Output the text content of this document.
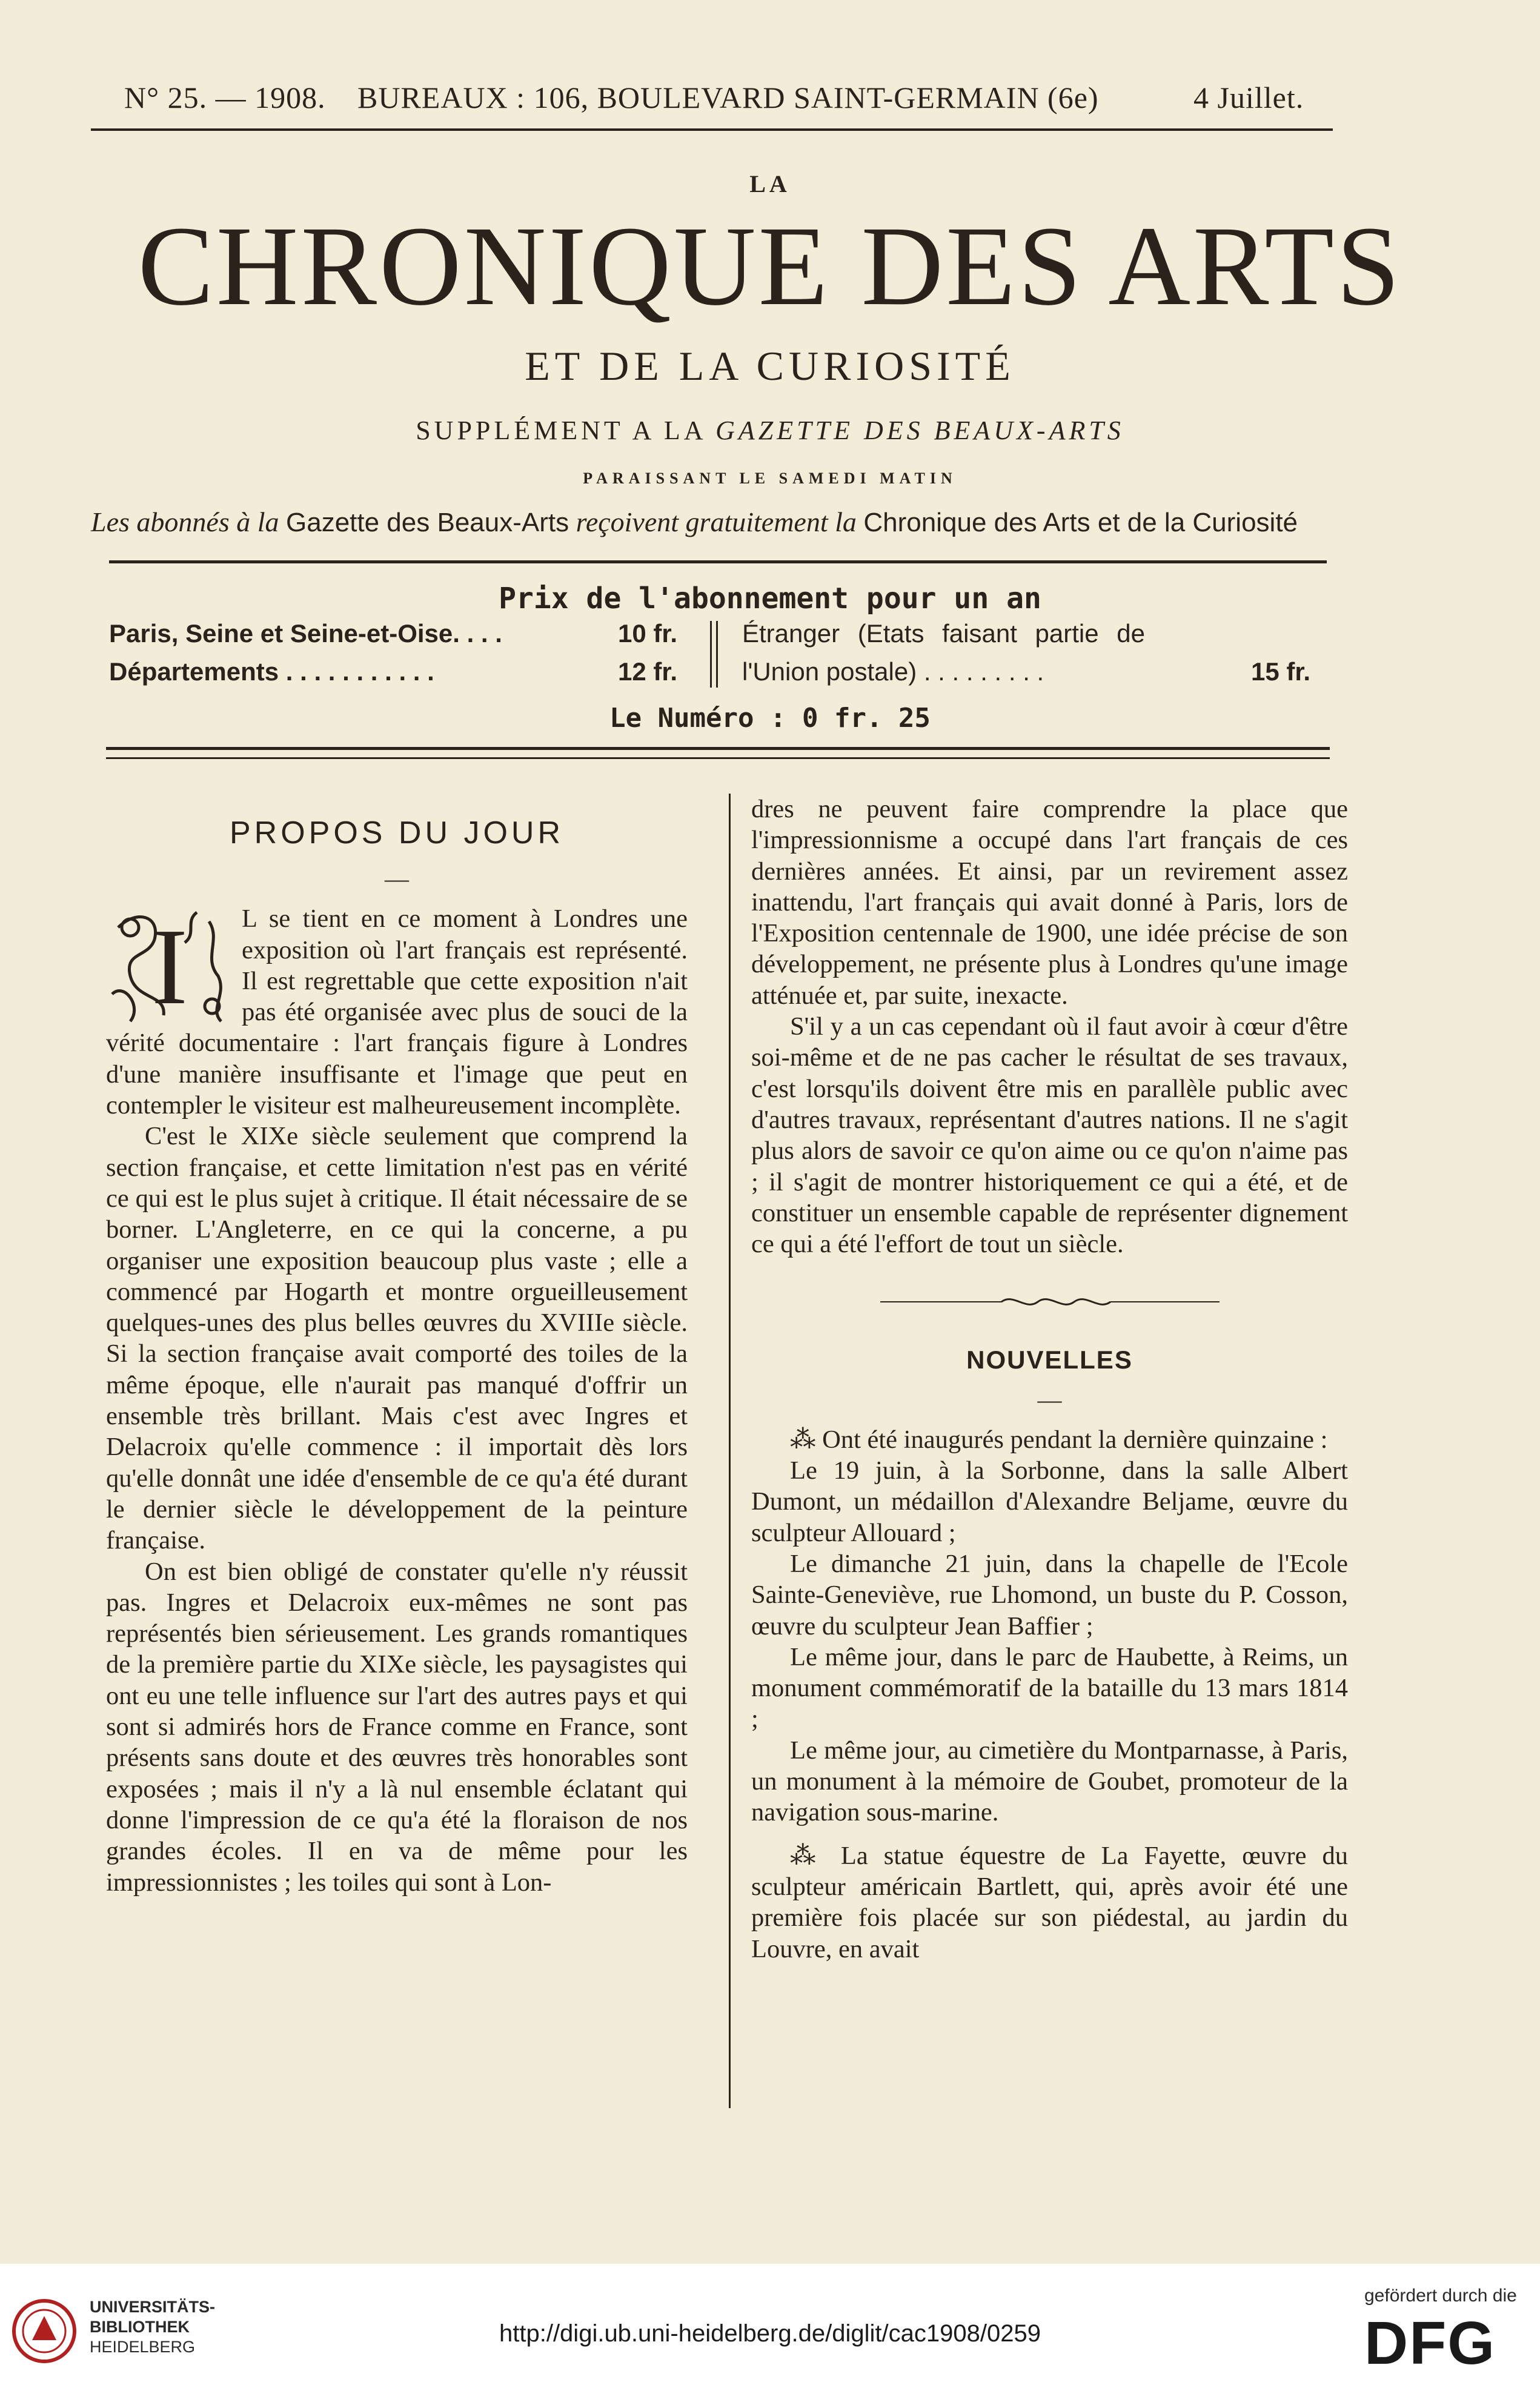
N° 25. — 1908. BUREAUX : 106, BOULEVARD SAINT-GERMAIN (6e)	4 Juillet.
LA
CHRONIQUE DES ARTS
ET DE LA CURIOSITÉ
SUPPLÉMENT A LA GAZETTE DES BEAUX-ARTS
PARAISSANT LE SAMEDI MATIN
Les abonnés à la Gazette des Beaux-Arts reçoivent gratuitement la Chronique des Arts et de la Curiosité
Prix de l'abonnement pour un an
Paris, Seine et Seine-et-Oise. . . .	10 fr.
Départements . . . . . . . . . . .	12 fr.
Étranger (Etats faisant partie de
l'Union postale) . . . . . . . . .	15 fr.
Le Numéro : 0 fr. 25
PROPOS DU JOUR
—
I	L se tient en ce moment à Londres une exposition où l'art français est représenté. Il est regrettable que cette exposition n'ait pas été organisée avec plus de souci de la vérité documentaire : l'art français figure à Londres d'une manière insuffisante et l'image que peut en contempler le visiteur est malheureusement incomplète.

C'est le XIXe siècle seulement que comprend la section française, et cette limitation n'est pas en vérité ce qui est le plus sujet à critique. Il était nécessaire de se borner. L'Angleterre, en ce qui la concerne, a pu organiser une exposition beaucoup plus vaste ; elle a commencé par Hogarth et montre orgueilleusement quelques-unes des plus belles œuvres du XVIIIe siècle. Si la section française avait comporté des toiles de la même époque, elle n'aurait pas manqué d'offrir un ensemble très brillant. Mais c'est avec Ingres et Delacroix qu'elle commence : il importait dès lors qu'elle donnât une idée d'ensemble de ce qu'a été durant le dernier siècle le développement de la peinture française.

On est bien obligé de constater qu'elle n'y réussit pas. Ingres et Delacroix eux-mêmes ne sont pas représentés bien sérieusement. Les grands romantiques de la première partie du XIXe siècle, les paysagistes qui ont eu une telle influence sur l'art des autres pays et qui sont si admirés hors de France comme en France, sont présents sans doute et des œuvres très honorables sont exposées ; mais il n'y a là nul ensemble éclatant qui donne l'impression de ce qu'a été la floraison de nos grandes écoles. Il en va de même pour les impressionnistes ; les toiles qui sont à Lon-

dres ne peuvent faire comprendre la place que l'impressionnisme a occupé dans l'art français de ces dernières années. Et ainsi, par un revirement assez inattendu, l'art français qui avait donné à Paris, lors de l'Exposition centennale de 1900, une idée précise de son développement, ne présente plus à Londres qu'une image atténuée et, par suite, inexacte.

S'il y a un cas cependant où il faut avoir à cœur d'être soi-même et de ne pas cacher le résultat de ses travaux, c'est lorsqu'ils doivent être mis en parallèle public avec d'autres travaux, représentant d'autres nations. Il ne s'agit plus alors de savoir ce qu'on aime ou ce qu'on n'aime pas ; il s'agit de montrer historiquement ce qui a été, et de constituer un ensemble capable de représenter dignement ce qui a été l'effort de tout un siècle.

NOUVELLES
—

⁂ Ont été inaugurés pendant la dernière quinzaine :

Le 19 juin, à la Sorbonne, dans la salle Albert Dumont, un médaillon d'Alexandre Beljame, œuvre du sculpteur Allouard ;

Le dimanche 21 juin, dans la chapelle de l'Ecole Sainte-Geneviève, rue Lhomond, un buste du P. Cosson, œuvre du sculpteur Jean Baffier ;

Le même jour, dans le parc de Haubette, à Reims, un monument commémoratif de la bataille du 13 mars 1814 ;

Le même jour, au cimetière du Montparnasse, à Paris, un monument à la mémoire de Goubet, promoteur de la navigation sous-marine.

⁂ La statue équestre de La Fayette, œuvre du sculpteur américain Bartlett, qui, après avoir été une première fois placée sur son piédestal, au jardin du Louvre, en avait

UNIVERSITÄTS-
BIBLIOTHEK
HEIDELBERG	http://digi.ub.uni-heidelberg.de/diglit/cac1908/0259
gefördert durch die
DFG
